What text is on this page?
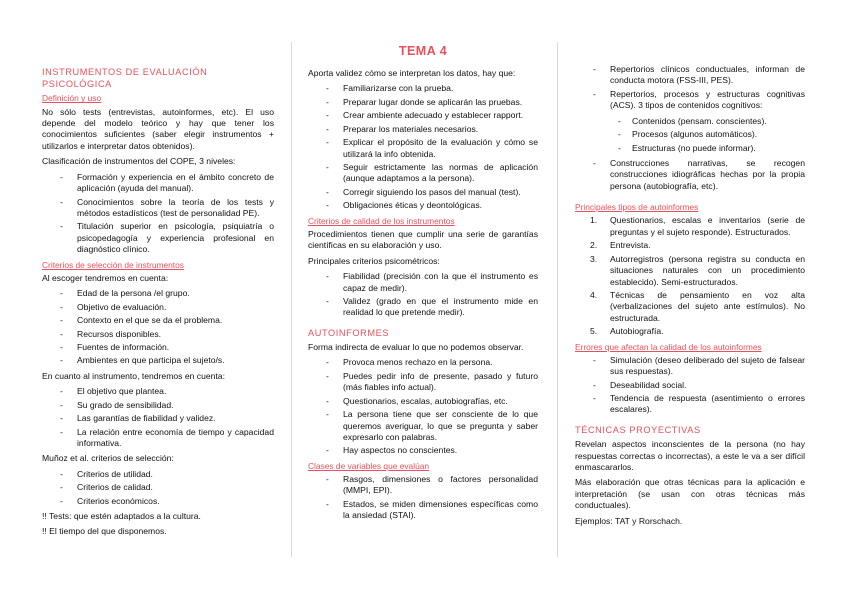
TEMA 4
INSTRUMENTOS DE EVALUACIÓN PSICOLÓGICA
Definición y uso

No sólo tests (entrevistas, autoinformes, etc). El uso depende del modelo teórico y hay que tener los conocimientos suficientes (saber elegir instrumentos + utilizarlos e interpretar datos obtenidos).

Clasificación de instrumentos del COPE, 3 niveles:

- Formación y experiencia en el ámbito concreto de aplicación (ayuda del manual).
- Conocimientos sobre la teoría de los tests y métodos estadísticos (test de personalidad PE).
- Titulación superior en psicología, psiquiatría o psicopedagogía y experiencia profesional en diagnóstico clínico.
Criterios de selección de instrumentos

Al escoger tendremos en cuenta:

- Edad de la persona /el grupo.
- Objetivo de evaluación.
- Contexto en el que se da el problema.
- Recursos disponibles.
- Fuentes de información.
- Ambientes en que participa el sujeto/s.

En cuanto al instrumento, tendremos en cuenta:

- El objetivo que plantea.
- Su grado de sensibilidad.
- Las garantías de fiabilidad y validez.
- La relación entre economía de tiempo y capacidad informativa.

Muñoz et al. criterios de selección:

- Criterios de utilidad.
- Criterios de calidad.
- Criterios económicos.

!! Tests: que estén adaptados a la cultura.

!! El tiempo del que disponemos.

Aporta validez cómo se interpretan los datos, hay que:

- Familiarizarse con la prueba.
- Preparar lugar donde se aplicarán las pruebas.
- Crear ambiente adecuado y establecer rapport.
- Preparar los materiales necesarios.
- Explicar el propósito de la evaluación y cómo se utilizará la info obtenida.
- Seguir estrictamente las normas de aplicación (aunque adaptamos a la persona).
- Corregir siguiendo los pasos del manual (test).
- Obligaciones éticas y deontológicas.
Criterios de calidad de los instrumentos

Procedimientos tienen que cumplir una serie de garantías científicas en su elaboración y uso.

Principales criterios psicométricos:

- Fiabilidad (precisión con la que el instrumento es capaz de medir).
- Validez (grado en que el instrumento mide en realidad lo que pretende medir).
AUTOINFORMES

Forma indirecta de evaluar lo que no podemos observar.

- Provoca menos rechazo en la persona.
- Puedes pedir info de presente, pasado y futuro (más fiables info actual).
- Questionarios, escalas, autobiografías, etc.
- La persona tiene que ser consciente de lo que queremos averiguar, lo que se pregunta y saber expresarlo con palabras.
- Hay aspectos no conscientes.
Clases de variables que evalúan
- Rasgos, dimensiones o factores personalidad (MMPI, EPI).
- Estados, se miden dimensiones específicas como la ansiedad (STAI).
- Repertorios clínicos conductuales, informan de conducta motora (FSS-III, PES).
- Repertorios, procesos y estructuras cognitivas (ACS). 3 tipos de contenidos cognitivos:
- Contenidos (pensam. conscientes).
- Procesos (algunos automáticos).
- Estructuras (no puede informar).
- Construcciones narrativas, se recogen construcciones idiográficas hechas por la propia persona (autobiografía, etc).
Principales tipos de autoinformes
1. Questionarios, escalas e inventarios (serie de preguntas y el sujeto responde). Estructurados.
2. Entrevista.
3. Autorregistros (persona registra su conducta en situaciones naturales con un procedimiento establecido). Semi-estructurados.
4. Técnicas de pensamiento en voz alta (verbalizaciones del sujeto ante estímulos). No estructurada.
5. Autobiografía.
Errores que afectan la calidad de los autoinformes
- Simulación (deseo deliberado del sujeto de falsear sus respuestas).
- Deseabilidad social.
- Tendencia de respuesta (asentimiento o errores escalares).
TÉCNICAS PROYECTIVAS

Revelan aspectos inconscientes de la persona (no hay respuestas correctas o incorrectas), a este le va a ser difícil enmascararlos.

Más elaboración que otras técnicas para la aplicación e interpretación (se usan con otras técnicas más conductuales).

Ejemplos: TAT y Rorschach.
